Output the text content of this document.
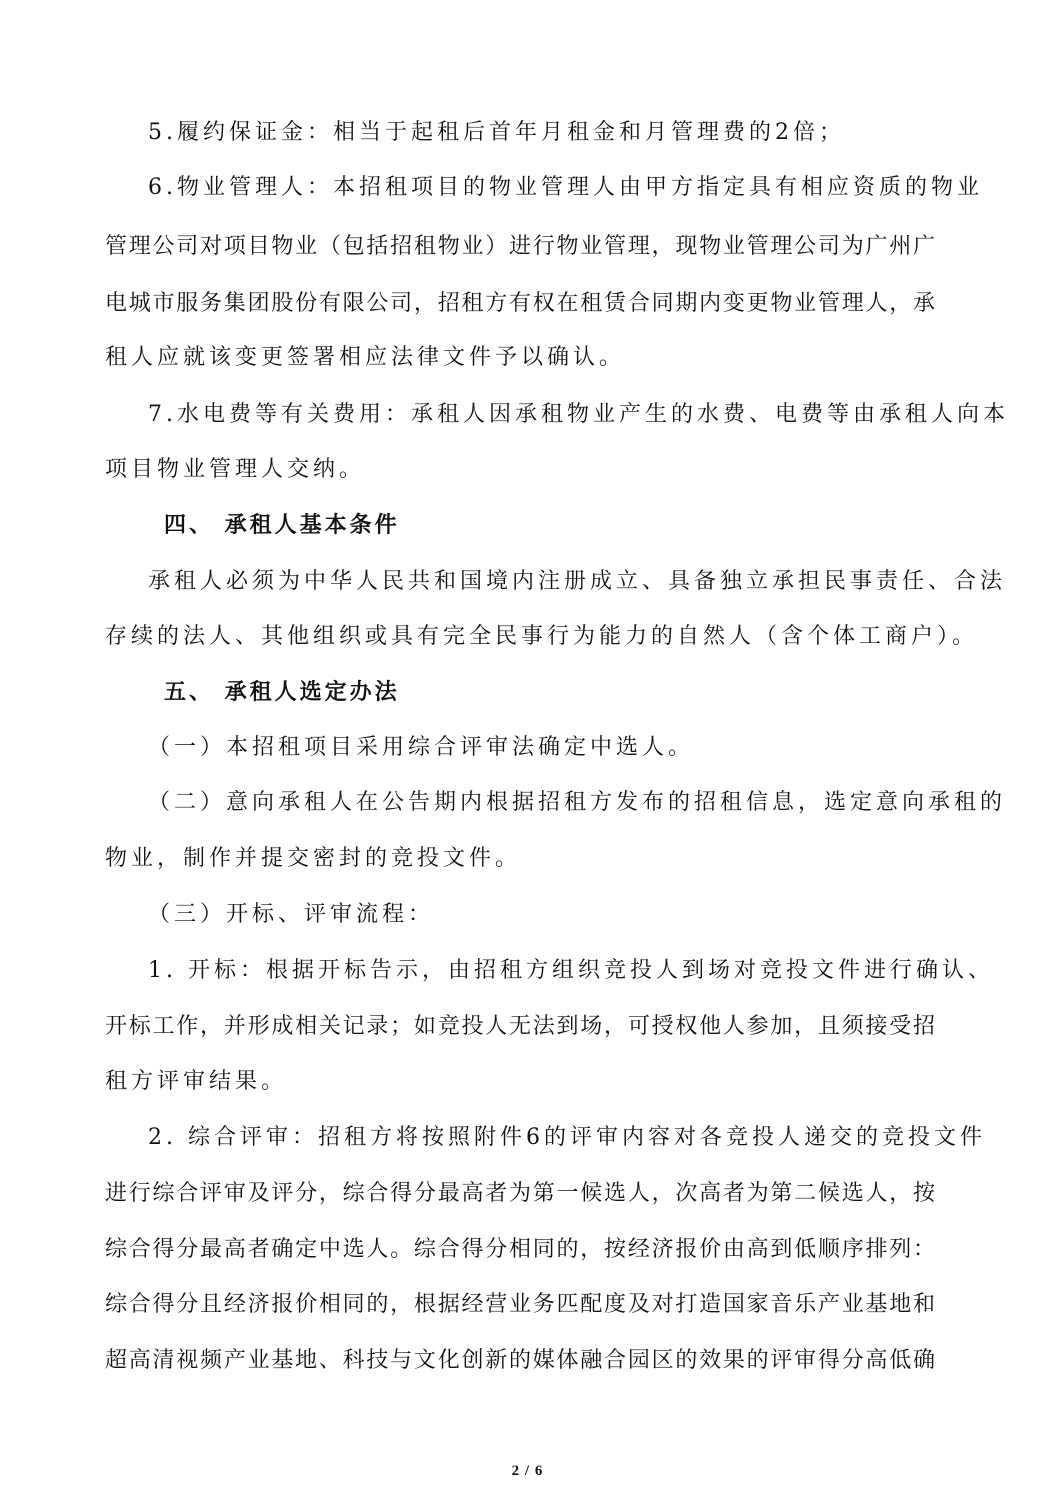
5.履约保证金：相当于起租后首年月租金和月管理费的2倍；
6.物业管理人：本招租项目的物业管理人由甲方指定具有相应资质的物业
管理公司对项目物业（包括招租物业）进行物业管理，现物业管理公司为广州广
电城市服务集团股份有限公司，招租方有权在租赁合同期内变更物业管理人，承
租人应就该变更签署相应法律文件予以确认。
7.水电费等有关费用：承租人因承租物业产生的水费、电费等由承租人向本
项目物业管理人交纳。
四、 承租人基本条件
承租人必须为中华人民共和国境内注册成立、具备独立承担民事责任、合法
存续的法人、其他组织或具有完全民事行为能力的自然人（含个体工商户）。
五、 承租人选定办法
（一）本招租项目采用综合评审法确定中选人。
（二）意向承租人在公告期内根据招租方发布的招租信息，选定意向承租的
物业，制作并提交密封的竞投文件。
（三）开标、评审流程：
1. 开标：根据开标告示，由招租方组织竞投人到场对竞投文件进行确认、
开标工作，并形成相关记录；如竞投人无法到场，可授权他人参加，且须接受招
租方评审结果。
2. 综合评审：招租方将按照附件6的评审内容对各竞投人递交的竞投文件
进行综合评审及评分，综合得分最高者为第一候选人，次高者为第二候选人，按
综合得分最高者确定中选人。综合得分相同的，按经济报价由高到低顺序排列：
综合得分且经济报价相同的，根据经营业务匹配度及对打造国家音乐产业基地和
超高清视频产业基地、科技与文化创新的媒体融合园区的效果的评审得分高低确
2 / 6
